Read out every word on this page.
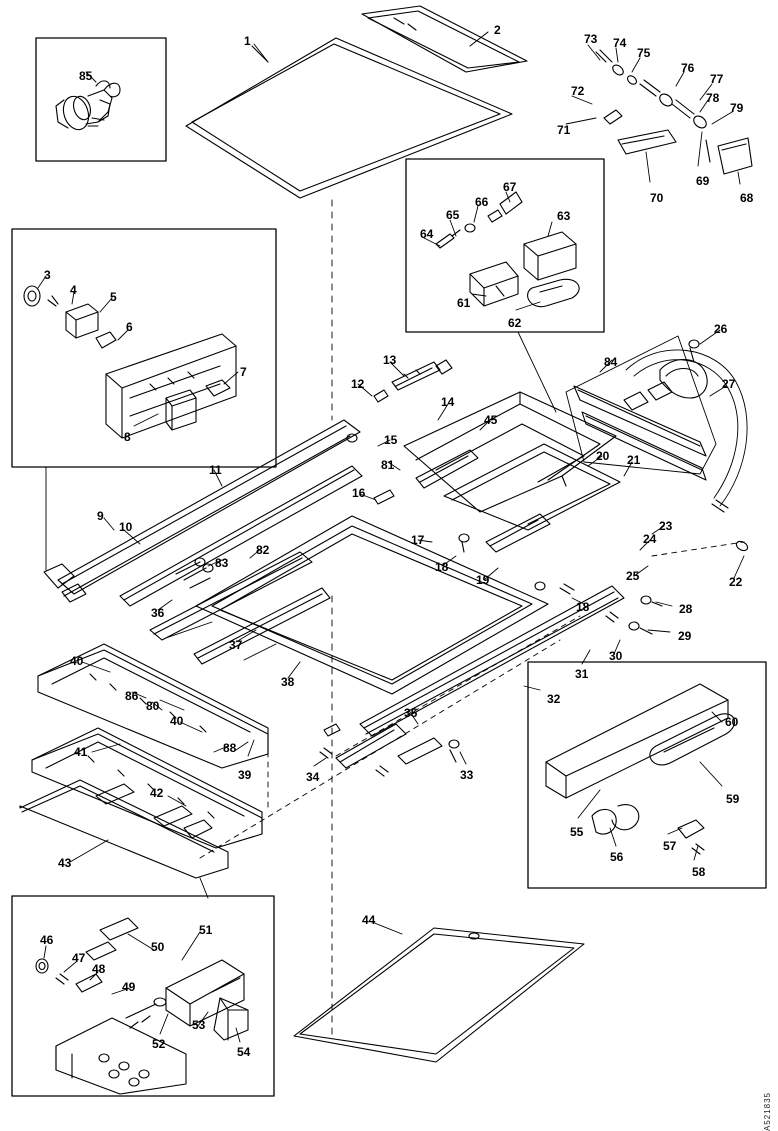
1
2
3
4	5
6
7
8
9
10
11
12
13
14
15
16
17
18
18
19
20 21
22
23
24
25
26
27
28
29
30
31
32
33
34
35
36
37
38
39
40
40
41
42
43
44
45
46
47
48
49
50
51
52
53
54
55
56
57
58
59
60
61
62
63
64
65
66
67
68
69
70
71
72
73 74
75
76
77
78
79
80
81
82
83
84
85
86
88
A521835
